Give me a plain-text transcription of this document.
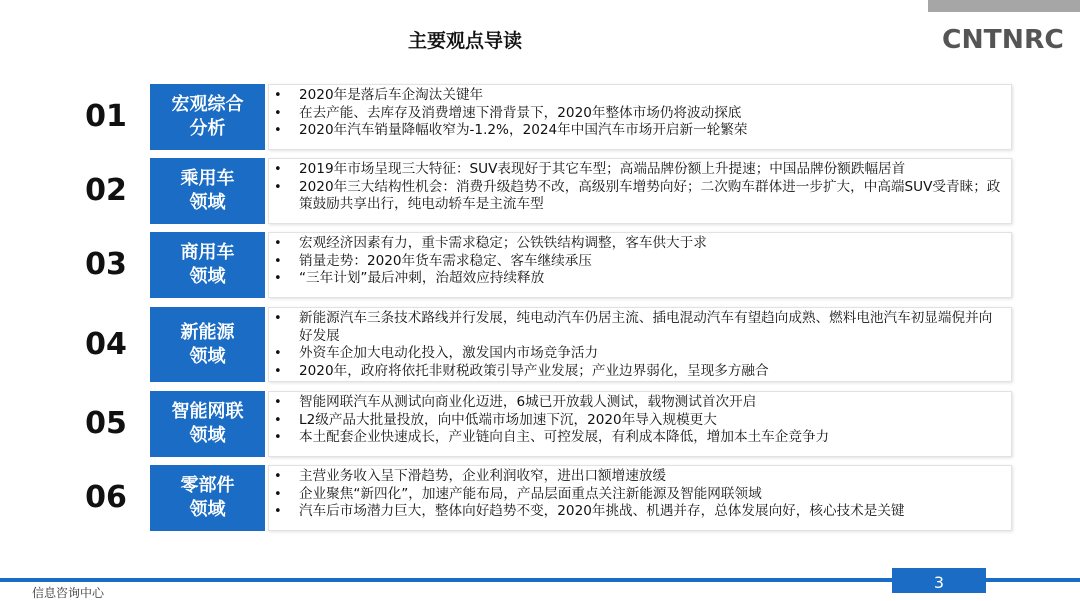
主要观点导读	CNTNRC
01	宏观综合
分析
• 2020年是落后车企淘汰关键年
• 在去产能、去库存及消费增速下滑背景下，2020年整体市场仍将波动探底
• 2020年汽车销量降幅收窄为-1.2%，2024年中国汽车市场开启新一轮繁荣
02	乘用车
领域
• 2019年市场呈现三大特征：SUV表现好于其它车型；高端品牌份额上升提速；中国品牌份额跌幅居首
• 2020年三大结构性机会：消费升级趋势不改，高级别车增势向好；二次购车群体进一步扩大，中高端SUV受青睐；政策鼓励共享出行，纯电动轿车是主流车型
03	商用车
领域
• 宏观经济因素有力，重卡需求稳定；公铁铁结构调整，客车供大于求
• 销量走势：2020年货车需求稳定、客车继续承压
• “三年计划”最后冲刺，治超效应持续释放
04	新能源
领域
• 新能源汽车三条技术路线并行发展，纯电动汽车仍居主流、插电混动汽车有望趋向成熟、燃料电池汽车初显端倪并向好发展
• 外资车企加大电动化投入，激发国内市场竞争活力
• 2020年，政府将依托非财税政策引导产业发展；产业边界弱化，呈现多方融合
05	智能网联
领域
• 智能网联汽车从测试向商业化迈进，6城已开放载人测试，载物测试首次开启
• L2级产品大批量投放，向中低端市场加速下沉，2020年导入规模更大
• 本土配套企业快速成长，产业链向自主、可控发展，有利成本降低，增加本土车企竞争力
06	零部件
领域
• 主营业务收入呈下滑趋势，企业利润收窄，进出口额增速放缓
• 企业聚焦“新四化”，加速产能布局，产品层面重点关注新能源及智能网联领域
• 汽车后市场潜力巨大，整体向好趋势不变，2020年挑战、机遇并存，总体发展向好，核心技术是关键
3
信息咨询中心
